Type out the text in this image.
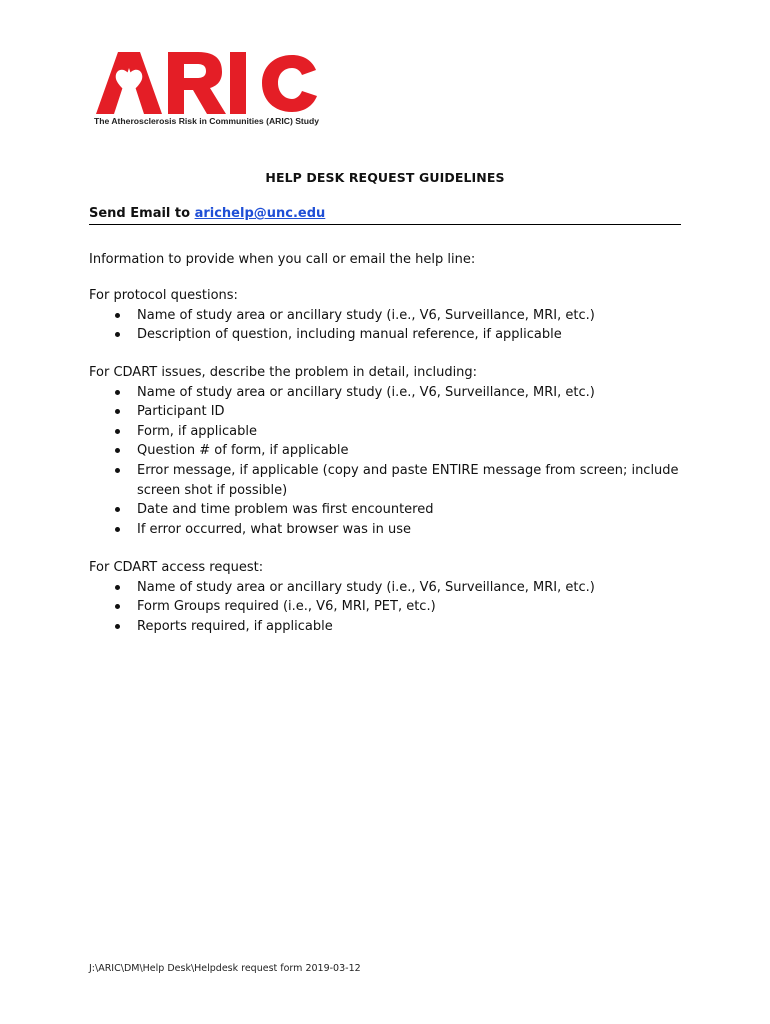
The Atherosclerosis Risk in Communities (ARIC) Study
HELP DESK REQUEST GUIDELINES
Send Email to arichelp@unc.edu
Information to provide when you call or email the help line:
For protocol questions:
Name of study area or ancillary study (i.e., V6, Surveillance, MRI, etc.)
Description of question, including manual reference, if applicable
For CDART issues, describe the problem in detail, including:
Name of study area or ancillary study (i.e., V6, Surveillance, MRI, etc.)
Participant ID
Form, if applicable
Question # of form, if applicable
Error message, if applicable (copy and paste ENTIRE message from screen; include screen shot if possible)
Date and time problem was first encountered
If error occurred, what browser was in use
For CDART access request:
Name of study area or ancillary study (i.e., V6, Surveillance, MRI, etc.)
Form Groups required (i.e., V6, MRI, PET, etc.)
Reports required, if applicable
J:\ARIC\DM\Help Desk\Helpdesk request form 2019-03-12
